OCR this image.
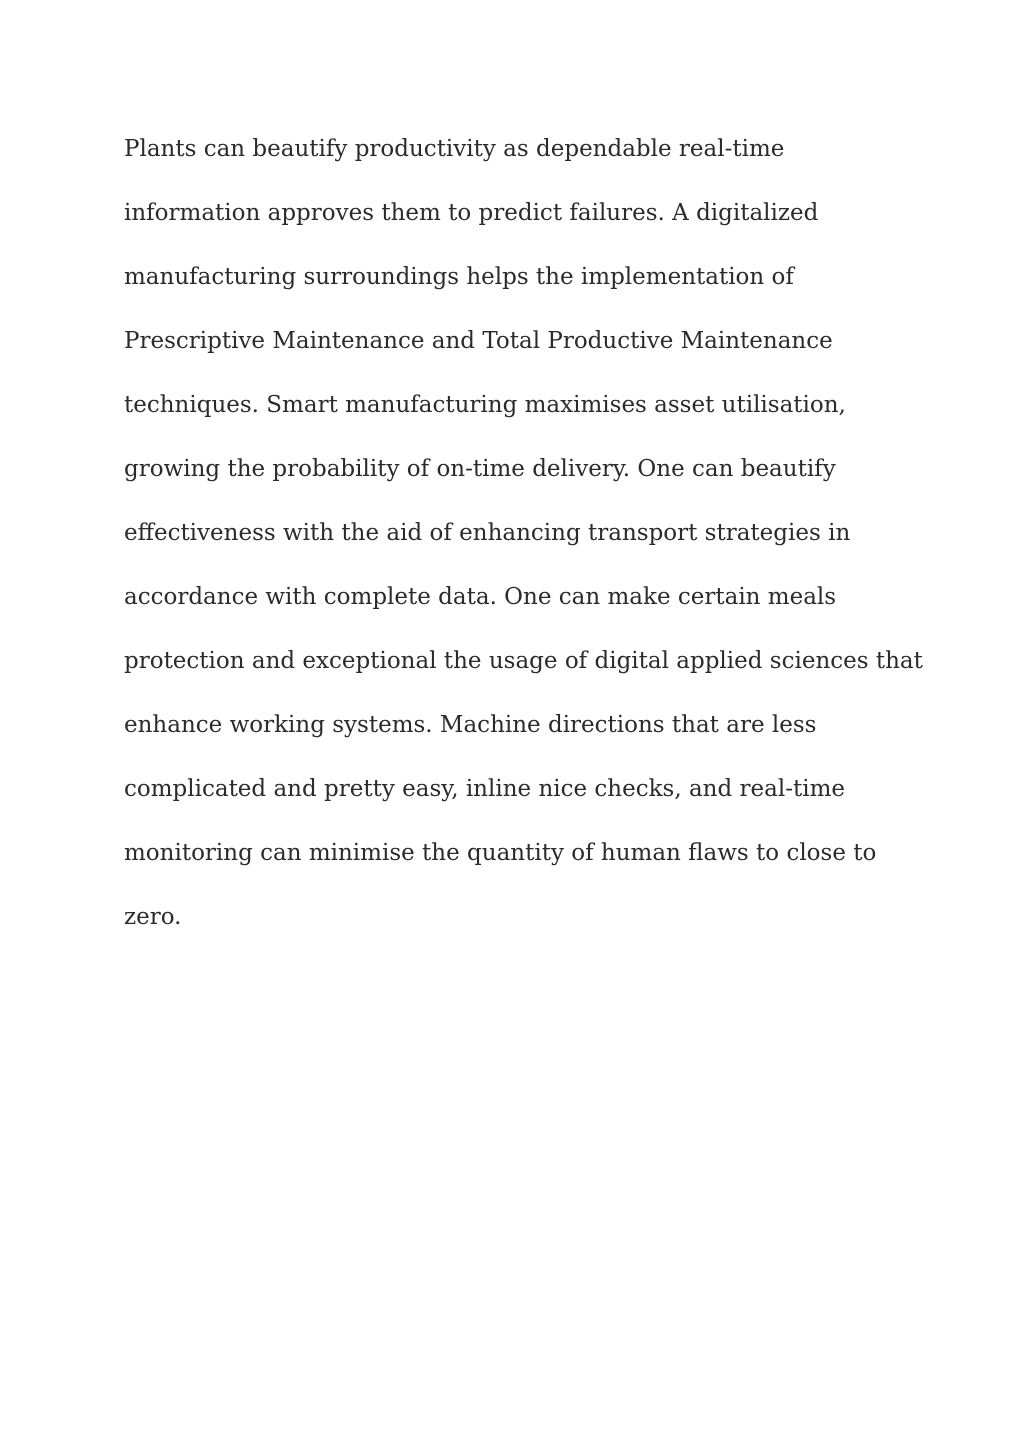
Plants can beautify productivity as dependable real-time
information approves them to predict failures. A digitalized
manufacturing surroundings helps the implementation of
Prescriptive Maintenance and Total Productive Maintenance
techniques. Smart manufacturing maximises asset utilisation,
growing the probability of on-time delivery. One can beautify
effectiveness with the aid of enhancing transport strategies in
accordance with complete data. One can make certain meals
protection and exceptional the usage of digital applied sciences that
enhance working systems. Machine directions that are less
complicated and pretty easy, inline nice checks, and real-time
monitoring can minimise the quantity of human flaws to close to
zero.
